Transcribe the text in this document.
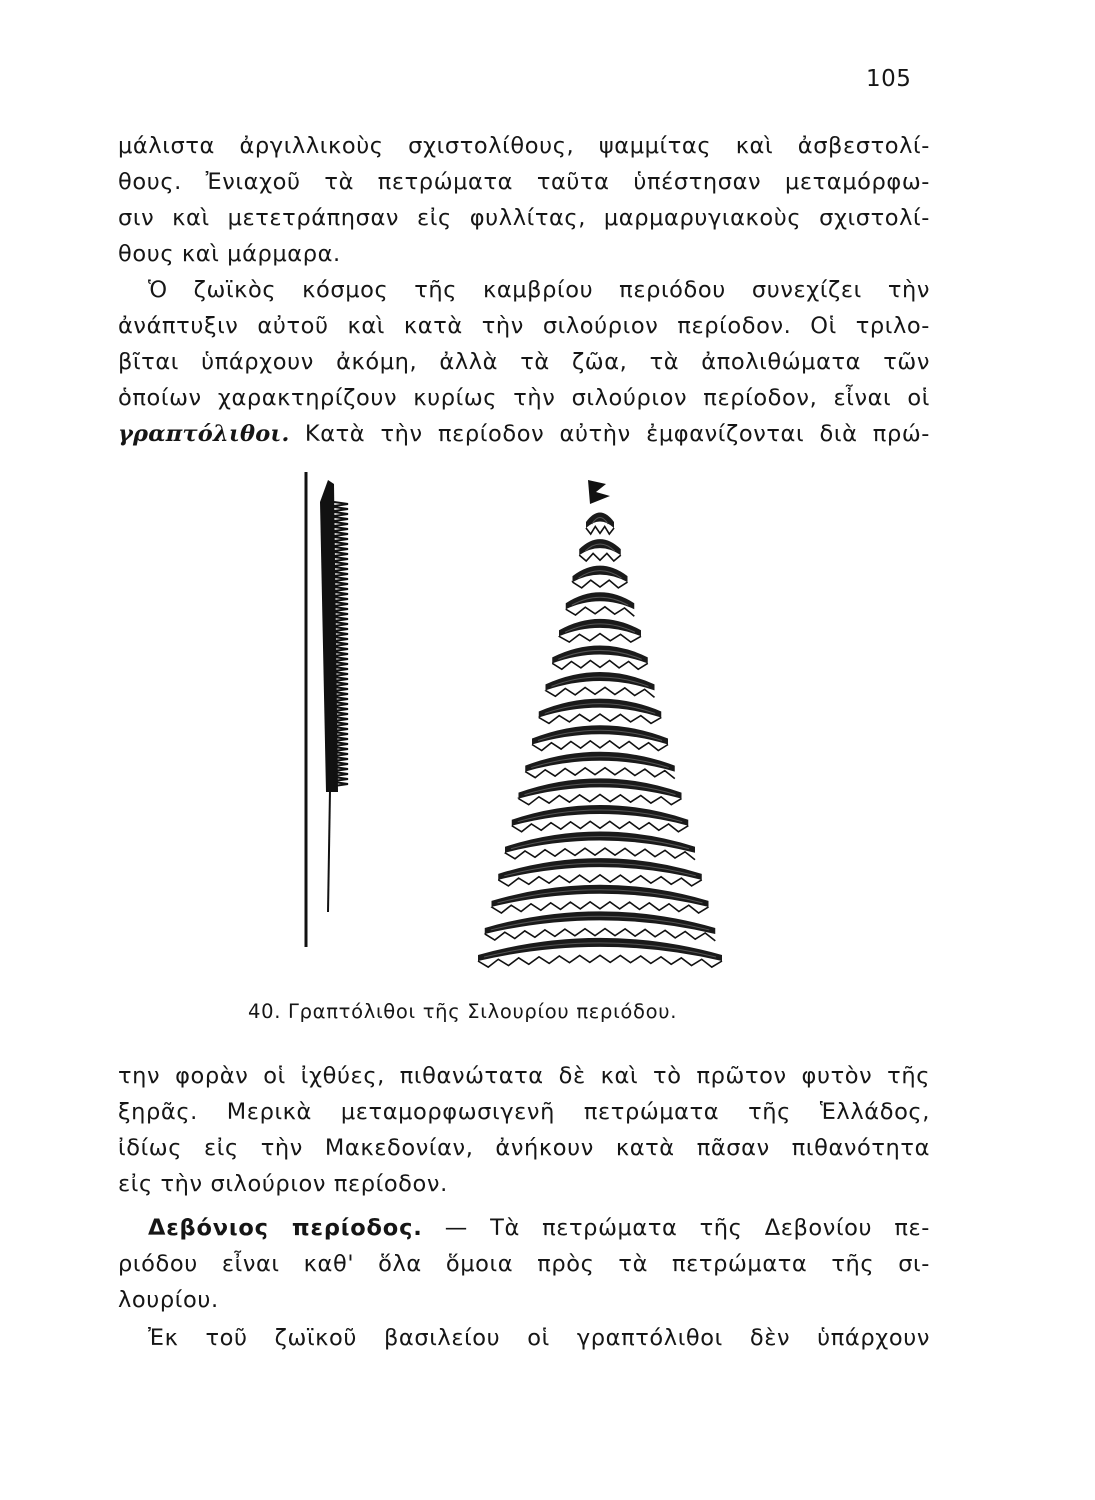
105
μάλιστα ἀργιλλικοὺς σχιστολίθους, ψαμμίτας καὶ ἀσβεστολί-
θους. Ἐνιαχοῦ τὰ πετρώματα ταῦτα ὑπέστησαν μεταμόρφω-
σιν καὶ μετετράπησαν εἰς φυλλίτας, μαρμαρυγιακοὺς σχιστολί-
θους καὶ μάρμαρα.
Ὁ ζωϊκὸς κόσμος τῆς καμβρίου περιόδου συνεχίζει τὴν
ἀνάπτυξιν αὐτοῦ καὶ κατὰ τὴν σιλούριον περίοδον. Οἱ τριλο-
βῖται ὑπάρχουν ἀκόμη, ἀλλὰ τὰ ζῶα, τὰ ἀπολιθώματα τῶν
ὁποίων χαρακτηρίζουν κυρίως τὴν σιλούριον περίοδον, εἶναι οἱ
γραπτόλιθοι. Κατὰ τὴν περίοδον αὐτὴν ἐμφανίζονται διὰ πρώ-
40. Γραπτόλιθοι τῆς Σιλουρίου περιόδου.
την φορὰν οἱ ἰχθύες, πιθανώτατα δὲ καὶ τὸ πρῶτον φυτὸν τῆς
ξηρᾶς. Μερικὰ μεταμορφωσιγενῆ πετρώματα τῆς Ἑλλάδος,
ἰδίως εἰς τὴν Μακεδονίαν, ἀνήκουν κατὰ πᾶσαν πιθανότητα
εἰς τὴν σιλούριον περίοδον.
Δεβόνιος περίοδος. — Τὰ πετρώματα τῆς Δεβονίου πε-
ριόδου εἶναι καθ' ὅλα ὅμοια πρὸς τὰ πετρώματα τῆς σι-
λουρίου.
Ἐκ τοῦ ζωϊκοῦ βασιλείου οἱ γραπτόλιθοι δὲν ὑπάρχουν
